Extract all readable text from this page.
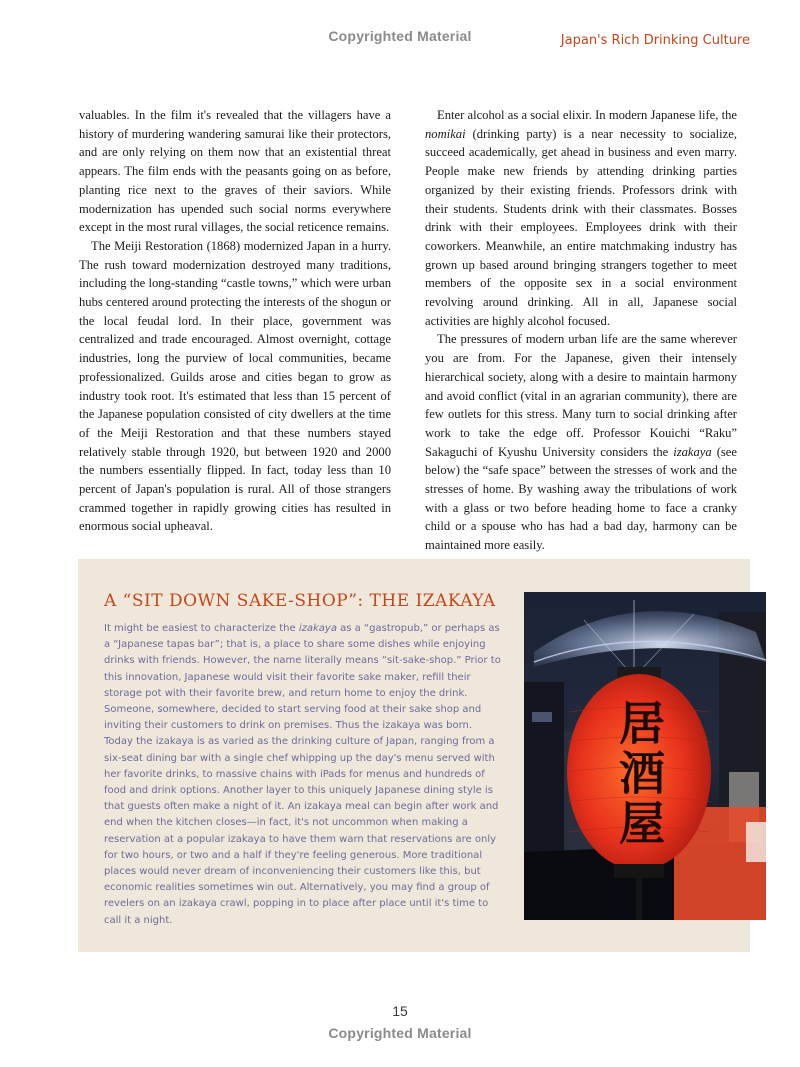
Copyrighted Material	Japan's Rich Drinking Culture

valuables. In the film it's revealed that the villagers have a history of murdering wandering samurai like their protectors, and are only relying on them now that an existential threat appears. The film ends with the peasants going on as before, planting rice next to the graves of their saviors. While modernization has upended such social norms everywhere except in the most rural villages, the social reticence remains.

The Meiji Restoration (1868) modernized Japan in a hurry. The rush toward modernization destroyed many traditions, including the long-standing “castle towns,” which were urban hubs centered around protecting the interests of the shogun or the local feudal lord. In their place, government was centralized and trade encouraged. Almost overnight, cottage industries, long the purview of local communities, became professionalized. Guilds arose and cities began to grow as industry took root. It's estimated that less than 15 percent of the Japanese population consisted of city dwellers at the time of the Meiji Restoration and that these numbers stayed relatively stable through 1920, but between 1920 and 2000 the numbers essentially flipped. In fact, today less than 10 percent of Japan's population is rural. All of those strangers crammed together in rapidly growing cities has resulted in enormous social upheaval.

Enter alcohol as a social elixir. In modern Japanese life, the nomikai (drinking party) is a near necessity to socialize, succeed academically, get ahead in business and even marry. People make new friends by attending drinking parties organized by their existing friends. Professors drink with their students. Students drink with their classmates. Bosses drink with their employees. Employees drink with their coworkers. Meanwhile, an entire matchmaking industry has grown up based around bringing strangers together to meet members of the opposite sex in a social environment revolving around drinking. All in all, Japanese social activities are highly alcohol focused.

The pressures of modern urban life are the same wherever you are from. For the Japanese, given their intensely hierarchical society, along with a desire to maintain harmony and avoid conflict (vital in an agrarian community), there are few outlets for this stress. Many turn to social drinking after work to take the edge off. Professor Kouichi “Raku” Sakaguchi of Kyushu University considers the izakaya (see below) the “safe space” between the stresses of work and the stresses of home. By washing away the tribulations of work with a glass or two before heading home to face a cranky child or a spouse who has had a bad day, harmony can be maintained more easily.

A “SIT DOWN SAKE-SHOP”: THE IZAKAYA
It might be easiest to characterize the izakaya as a “gastropub,” or perhaps as a “Japanese tapas bar”; that is, a place to share some dishes while enjoying drinks with friends. However, the name literally means “sit-sake-shop.” Prior to this innovation, Japanese would visit their favorite sake maker, refill their storage pot with their favorite brew, and return home to enjoy the drink. Someone, somewhere, decided to start serving food at their sake shop and inviting their customers to drink on premises. Thus the izakaya was born. Today the izakaya is as varied as the drinking culture of Japan, ranging from a six-seat dining bar with a single chef whipping up the day's menu served with her favorite drinks, to massive chains with iPads for menus and hundreds of food and drink options. Another layer to this uniquely Japanese dining style is that guests often make a night of it. An izakaya meal can begin after work and end when the kitchen closes—in fact, it's not uncommon when making a reservation at a popular izakaya to have them warn that reservations are only for two hours, or two and a half if they're feeling generous. More traditional places would never dream of inconveniencing their customers like this, but economic realities sometimes win out. Alternatively, you may find a group of revelers on an izakaya crawl, popping in to place after place until it's time to call it a night.
居酒屋
15
Copyrighted Material
